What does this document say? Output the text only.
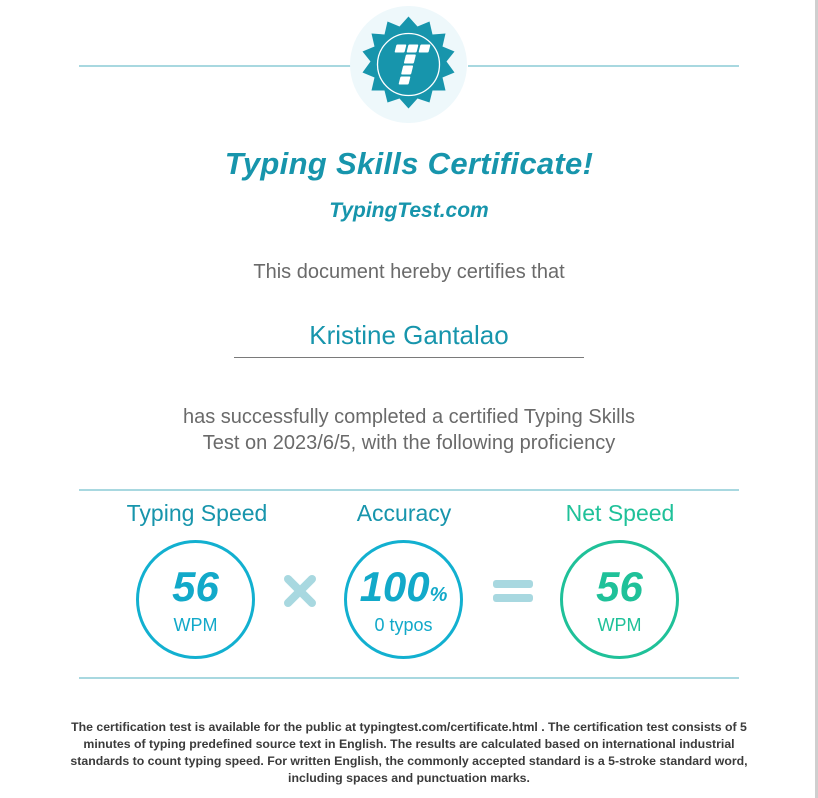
Typing Skills Certificate!
TypingTest.com
This document hereby certifies that
Kristine Gantalao
has successfully completed a certified Typing Skills
Test on 2023/6/5, with the following proficiency
Typing Speed
56
WPM
Accuracy
100%
0 typos
Net Speed
56
WPM
The certification test is available for the public at typingtest.com/certificate.html . The certification test consists of 5 minutes of typing predefined source text in English. The results are calculated based on international industrial standards to count typing speed. For written English, the commonly accepted standard is a 5-stroke standard word, including spaces and punctuation marks.
